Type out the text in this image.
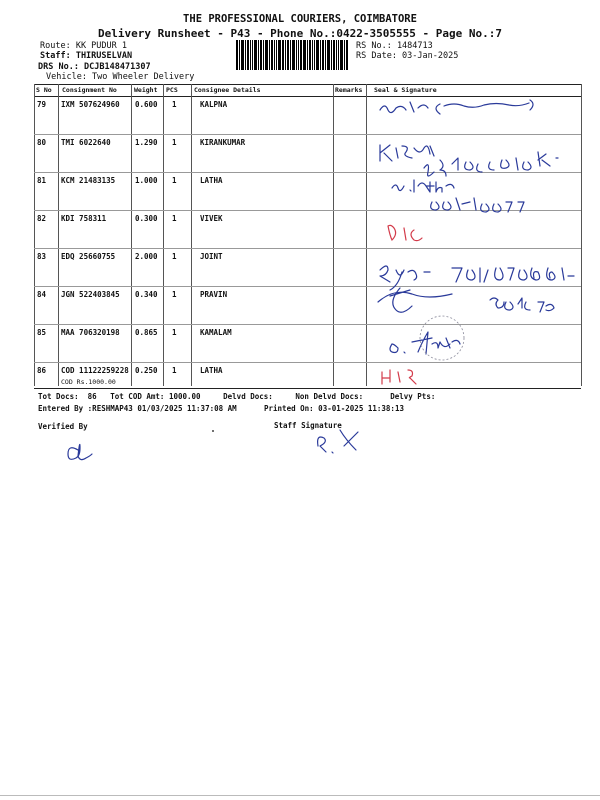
THE PROFESSIONAL COURIERS, COIMBATORE
Delivery Runsheet - P43 - Phone No.:0422-3505555 - Page No.:7
Route: KK PUDUR 1
Staff: THIRUSELVAN
DRS No.: DCJB148471307
Vehicle: Two Wheeler Delivery
RS No.: 1484713
RS Date: 03-Jan-2025
S No Consignment No	Weight PCS	Consignee Details	Remarks Seal & Signature
79 IXM 507624960 0.600 1	KALPNA
80 TMI 6022640	1.290 1	KIRANKUMAR
81 KCM 21483135	1.000 1	LATHA
82 KDI 758311	0.300 1	VIVEK
83 EDQ 25660755	2.000 1	JOINT
84 JGN 522403845 0.340 1	PRAVIN
85 MAA 706320198 0.865 1	KAMALAM
86 COD 11122259228 0.250 1	LATHA
COD Rs.1000.00
Tot Docs:  86   Tot COD Amt: 1000.00     Delvd Docs:     Non Delvd Docs:      Delvy Pts:
Entered By :RESHMAP43 01/03/2025 11:37:08 AM	Printed On: 03-01-2025 11:38:13
Verified By	Staff Signature
